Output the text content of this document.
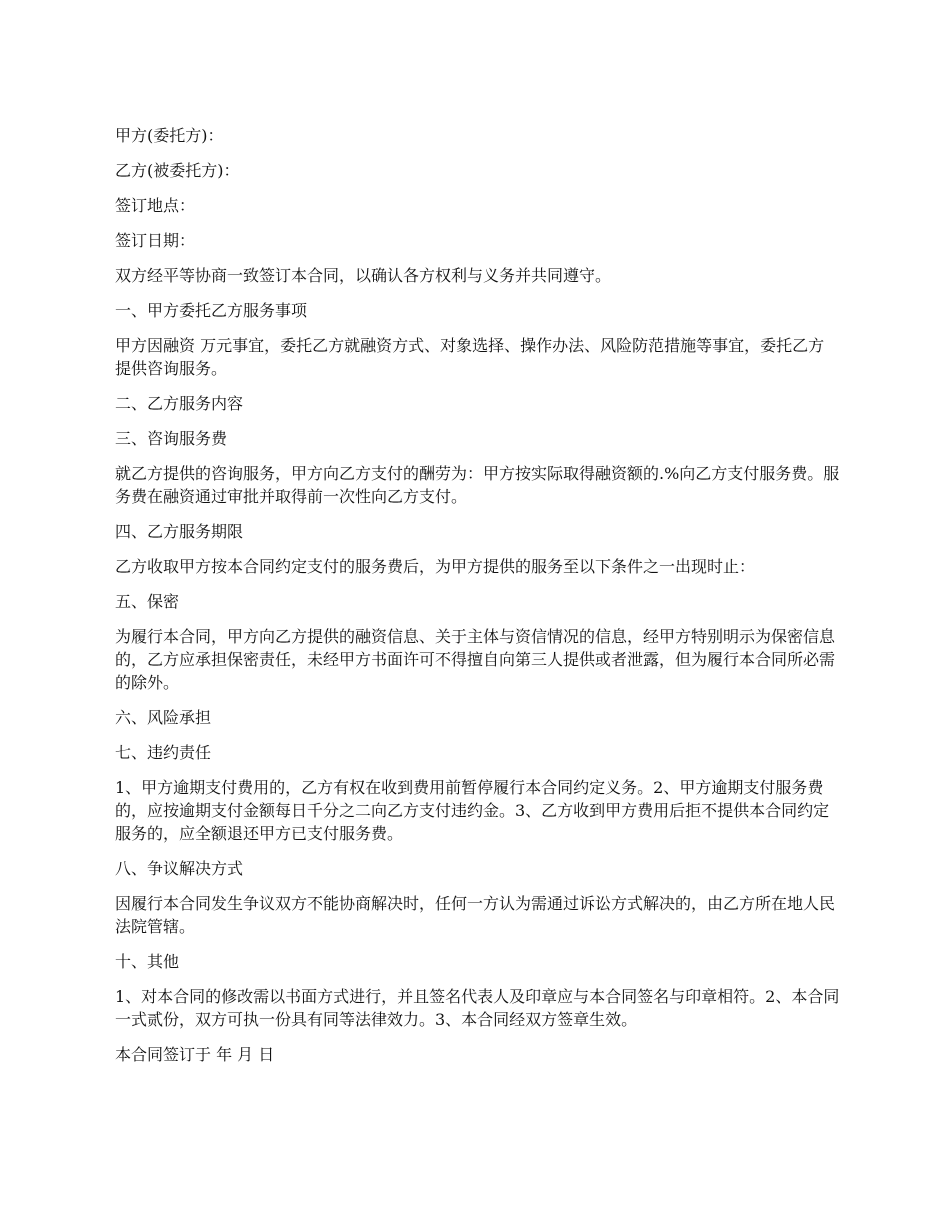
甲方(委托方)：

乙方(被委托方)：

签订地点：

签订日期：

双方经平等协商一致签订本合同，以确认各方权利与义务并共同遵守。

一、甲方委托乙方服务事项

甲方因融资 万元事宜，委托乙方就融资方式、对象选择、操作办法、风险防范措施等事宜，委托乙方提供咨询服务。

二、乙方服务内容

三、咨询服务费

就乙方提供的咨询服务，甲方向乙方支付的酬劳为：甲方按实际取得融资额的.%向乙方支付服务费。服务费在融资通过审批并取得前一次性向乙方支付。

四、乙方服务期限

乙方收取甲方按本合同约定支付的服务费后，为甲方提供的服务至以下条件之一出现时止：

五、保密

为履行本合同，甲方向乙方提供的融资信息、关于主体与资信情况的信息，经甲方特别明示为保密信息的，乙方应承担保密责任，未经甲方书面许可不得擅自向第三人提供或者泄露，但为履行本合同所必需的除外。

六、风险承担

七、违约责任

1、甲方逾期支付费用的，乙方有权在收到费用前暂停履行本合同约定义务。2、甲方逾期支付服务费的，应按逾期支付金额每日千分之二向乙方支付违约金。3、乙方收到甲方费用后拒不提供本合同约定服务的，应全额退还甲方已支付服务费。

八、争议解决方式

因履行本合同发生争议双方不能协商解决时，任何一方认为需通过诉讼方式解决的，由乙方所在地人民法院管辖。

十、其他

1、对本合同的修改需以书面方式进行，并且签名代表人及印章应与本合同签名与印章相符。2、本合同一式贰份，双方可执一份具有同等法律效力。3、本合同经双方签章生效。

本合同签订于 年 月 日
